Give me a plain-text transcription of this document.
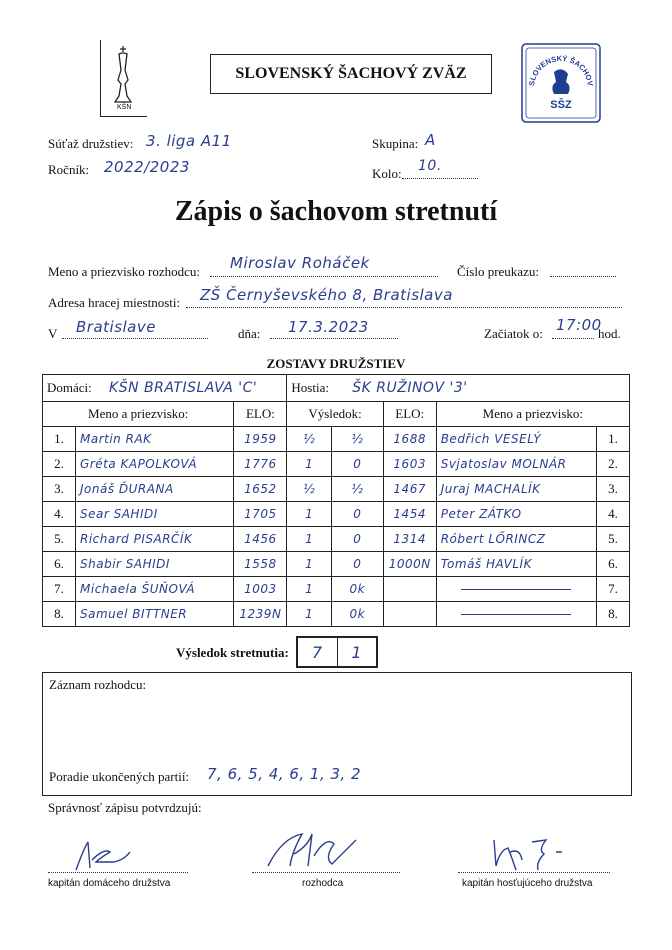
KŠN
SLOVENSKÝ ŠACHOVÝ ZVÄZ
SLOVENSKÝ ŠACHOV
SŠZ
Súťaž družstiev: 3. liga A11	Skupina: A
Ročník: 2022/2023	Kolo: 10.
Zápis o šachovom stretnutí
Meno a priezvisko rozhodcu: Miroslav Roháček	Číslo preukazu:
Adresa hracej miestnosti: ZŠ Černyševského 8, Bratislava
V Bratislave	dňa: 17.3.2023	Začiatok o: 17:00
hod.
ZOSTAVY DRUŽSTIEV
Domáci: KŠN BRATISLAVA 'C'			Hostia: ŠK RUŽINOV '3'				
Meno a priezvisko:		ELO:	Výsledok:		ELO:	Meno a priezvisko:	
1.	Martin RAK	1959	½	½	1688	Bedřich VESELÝ	1.
2.	Gréta KAPOLKOVÁ	1776	1	0	1603	Svjatoslav MOLNÁR	2.
3.	Jonáš ĎURANA	1652	½	½	1467	Juraj MACHALÍK	3.
4.	Sear SAHIDI	1705	1	0	1454	Peter ZÁTKO	4.
5.	Richard PISARČÍK	1456	1	0	1314	Róbert LŐRINCZ	5.
6.	Shabir SAHIDI	1558	1	0	1000N	Tomáš HAVLÍK	6.
7.	Michaela ŠUŇOVÁ	1003	1	0k			7.
8.	Samuel BITTNER	1239N	1	0k			8.
Výsledok stretnutia:	7	1
Záznam rozhodcu:
Poradie ukončených partií: 7, 6, 5, 4, 6, 1, 3, 2
Správnosť zápisu potvrdzujú:
kapitán domáceho družstva	rozhodca	kapitán hosťujúceho družstva
